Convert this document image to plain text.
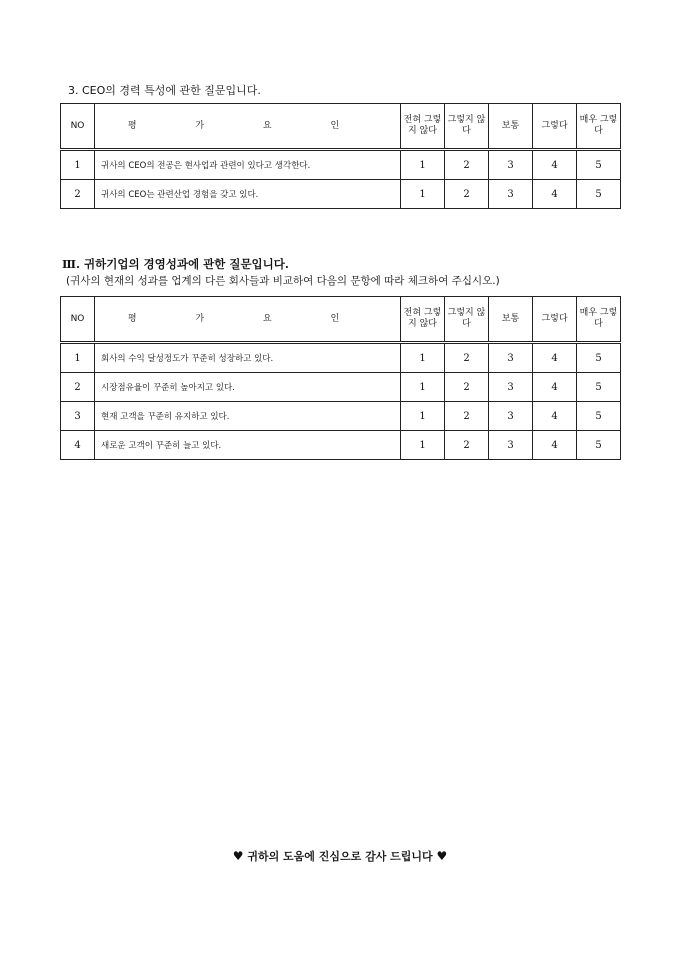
3. CEO의 경력 특성에 관한 질문입니다.
NO	평 가 요 인	전혀 그렇지 않다	그렇지 않다	보통	그렇다	매우 그렇다
1	귀사의 CEO의 전공은 현사업과 관련이 있다고 생각한다.	1	2	3	4	5
2	귀사의 CEO는 관련산업 경험을 갖고 있다.	1	2	3	4	5
Ⅲ. 귀하기업의 경영성과에 관한 질문입니다.
(귀사의 현재의 성과를 업계의 다른 회사들과 비교하여 다음의 문항에 따라 체크하여 주십시오.)
NO	평 가 요 인	전혀 그렇지 않다	그렇지 않다	보통	그렇다	매우 그렇다
1	회사의 수익 달성정도가 꾸준히 성장하고 있다.	1	2	3	4	5
2	시장점유율이 꾸준히 높아지고 있다.	1	2	3	4	5
3	현재 고객을 꾸준히 유지하고 있다.	1	2	3	4	5
4	새로운 고객이 꾸준히 늘고 있다.	1	2	3	4	5
♥ 귀하의 도움에 진심으로 감사 드립니다 ♥
